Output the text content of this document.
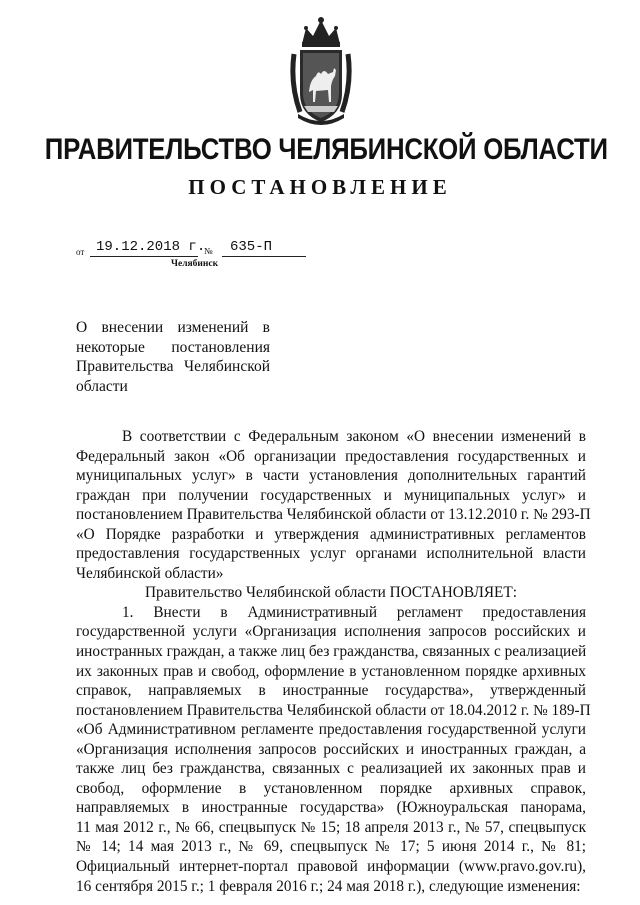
ПРАВИТЕЛЬСТВО ЧЕЛЯБИНСКОЙ ОБЛАСТИ
ПОСТАНОВЛЕНИЕ
от 19.12.2018 г.
№ 635-П
Челябинск
О внесении изменений в
некоторые постановления
Правительства Челябинской
области
В соответствии с Федеральным законом «О внесении изменений в
Федеральный закон «Об организации предоставления государственных и
муниципальных услуг» в части установления дополнительных гарантий
граждан при получении государственных и муниципальных услуг» и
постановлением Правительства Челябинской области от 13.12.2010 г. № 293-П
«О Порядке разработки и утверждения административных регламентов
предоставления государственных услуг органами исполнительной власти
Челябинской области»
Правительство Челябинской области ПОСТАНОВЛЯЕТ:
1. Внести в Административный регламент предоставления
государственной услуги «Организация исполнения запросов российских и
иностранных граждан, а также лиц без гражданства, связанных с реализацией
их законных прав и свобод, оформление в установленном порядке архивных
справок, направляемых в иностранные государства», утвержденный
постановлением Правительства Челябинской области от 18.04.2012 г. № 189-П
«Об Административном регламенте предоставления государственной услуги
«Организация исполнения запросов российских и иностранных граждан, а
также лиц без гражданства, связанных с реализацией их законных прав и
свобод, оформление в установленном порядке архивных справок,
направляемых в иностранные государства» (Южноуральская панорама,
11 мая 2012 г., № 66, спецвыпуск № 15; 18 апреля 2013 г., № 57, спецвыпуск
№ 14; 14 мая 2013 г., № 69, спецвыпуск № 17; 5 июня 2014 г., № 81;
Официальный интернет-портал правовой информации (www.pravo.gov.ru),
16 сентября 2015 г.; 1 февраля 2016 г.; 24 мая 2018 г.), следующие изменения:
